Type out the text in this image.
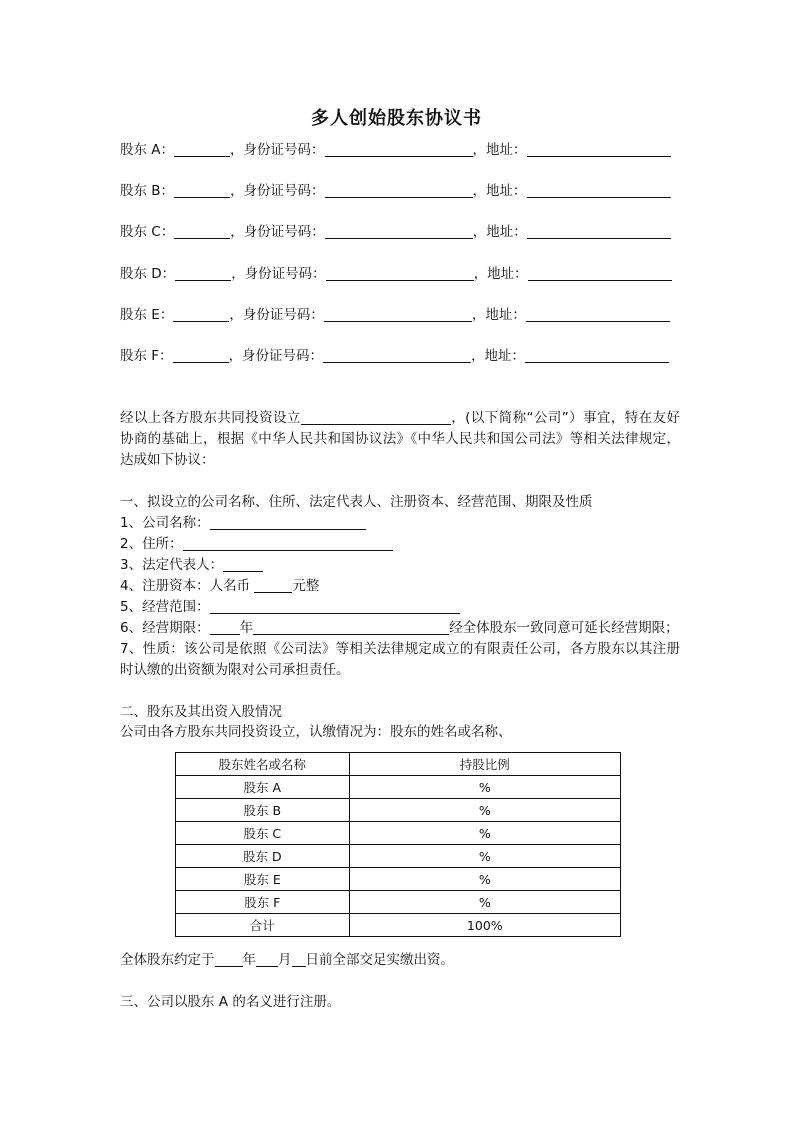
多人创始股东协议书
股东 A：	，身份证号码：	，地址：
股东 B：	，身份证号码：	，地址：
股东 C：	，身份证号码：	，地址：
股东 D：	，身份证号码：	，地址：
股东 E：	，身份证号码：	，地址：
股东 F：	，身份证号码：	，地址：
经以上各方股东共同投资设立	，(以下简称“公司”）事宜，特在友好协商的基础上，根据《中华人民共和国协议法》《中华人民共和国公司法》等相关法律规定，达成如下协议：
一、拟设立的公司名称、住所、法定代表人、注册资本、经营范围、期限及性质
1、公司名称：
2、住所：
3、法定代表人：
4、注册资本：人名币	元整
5、经营范围：
6、经营期限： 年	经全体股东一致同意可延长经营期限；
7、性质：该公司是依照《公司法》等相关法律规定成立的有限责任公司，各方股东以其注册时认缴的出资额为限对公司承担责任。
二、股东及其出资入股情况
公司由各方股东共同投资设立，认缴情况为：股东的姓名或名称、
股东姓名或名称	持股比例
股东 A	%
股东 B	%
股东 C	%
股东 D	%
股东 E	%
股东 F	%
合计	100%
全体股东约定于 年 月 日前全部交足实缴出资。
三、公司以股东 A 的名义进行注册。
